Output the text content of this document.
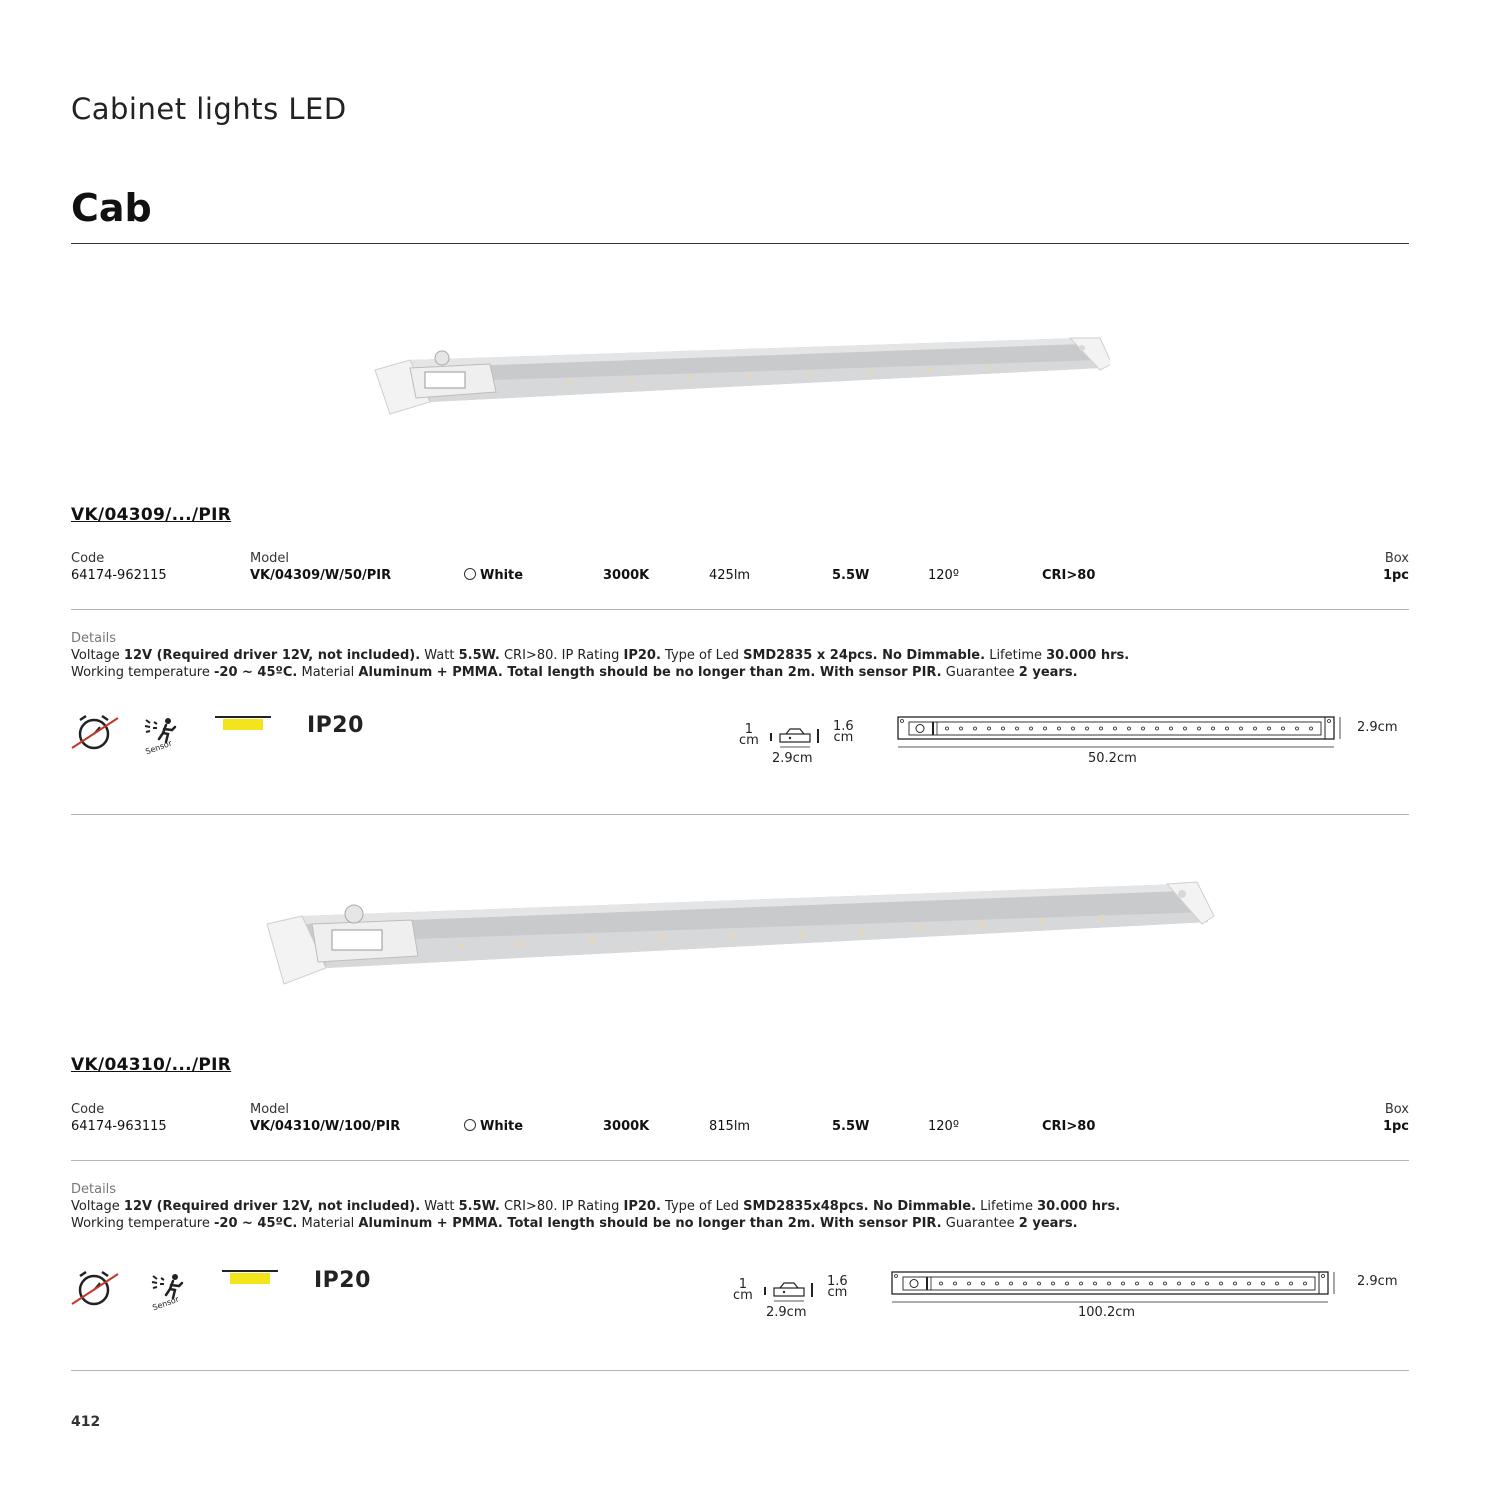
Cabinet lights LED
Cab
VK/04309/.../PIR
Code	Model	Box
64174-962115	VK/04309/W/50/PIR	White	3000K	425lm	5.5W	120º	CRI>80	1pc
Details
Voltage 12V (Required driver 12V, not included). Watt 5.5W. CRI>80. IP Rating IP20. Type of Led SMD2835 x 24pcs. No Dimmable. Lifetime 30.000 hrs.
Working temperature -20 ~ 45ºC. Material Aluminum + PMMA. Total length should be no longer than 2m. With sensor PIR. Guarantee 2 years.
Sensor
IP20	1
cm
1.6
cm
2.9cm	50.2cm
2.9cm
VK/04310/.../PIR
Code	Model	Box
64174-963115	VK/04310/W/100/PIR	White	3000K	815lm	5.5W	120º	CRI>80	1pc
Details
Voltage 12V (Required driver 12V, not included). Watt 5.5W. CRI>80. IP Rating IP20. Type of Led SMD2835x48pcs. No Dimmable. Lifetime 30.000 hrs.
Working temperature -20 ~ 45ºC. Material Aluminum + PMMA. Total length should be no longer than 2m. With sensor PIR. Guarantee 2 years.
Sensor
IP20	1
cm
1.6
cm
2.9cm	100.2cm
2.9cm
412
